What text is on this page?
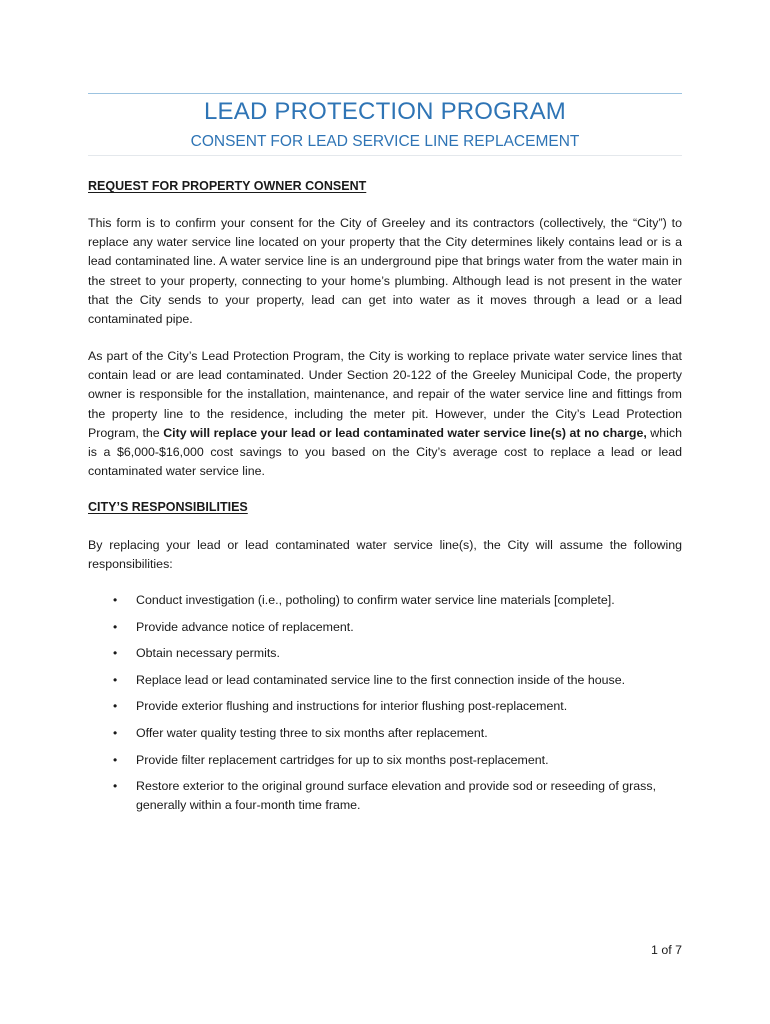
LEAD PROTECTION PROGRAM
CONSENT FOR LEAD SERVICE LINE REPLACEMENT
REQUEST FOR PROPERTY OWNER CONSENT

This form is to confirm your consent for the City of Greeley and its contractors (collectively, the “City”) to replace any water service line located on your property that the City determines likely contains lead or is a lead contaminated line. A water service line is an underground pipe that brings water from the water main in the street to your property, connecting to your home’s plumbing. Although lead is not present in the water that the City sends to your property, lead can get into water as it moves through a lead or a lead contaminated pipe.

As part of the City’s Lead Protection Program, the City is working to replace private water service lines that contain lead or are lead contaminated. Under Section 20-122 of the Greeley Municipal Code, the property owner is responsible for the installation, maintenance, and repair of the water service line and fittings from the property line to the residence, including the meter pit. However, under the City’s Lead Protection Program, the City will replace your lead or lead contaminated water service line(s) at no charge, which is a $6,000-$16,000 cost savings to you based on the City’s average cost to replace a lead or lead contaminated water service line.

CITY’S RESPONSIBILITIES

By replacing your lead or lead contaminated water service line(s), the City will assume the following responsibilities:

• Conduct investigation (i.e., potholing) to confirm water service line materials [complete].
• Provide advance notice of replacement.
• Obtain necessary permits.
• Replace lead or lead contaminated service line to the first connection inside of the house.
• Provide exterior flushing and instructions for interior flushing post-replacement.
• Offer water quality testing three to six months after replacement.
• Provide filter replacement cartridges for up to six months post-replacement.
• Restore exterior to the original ground surface elevation and provide sod or reseeding of grass, generally within a four-month time frame.
1 of 7
